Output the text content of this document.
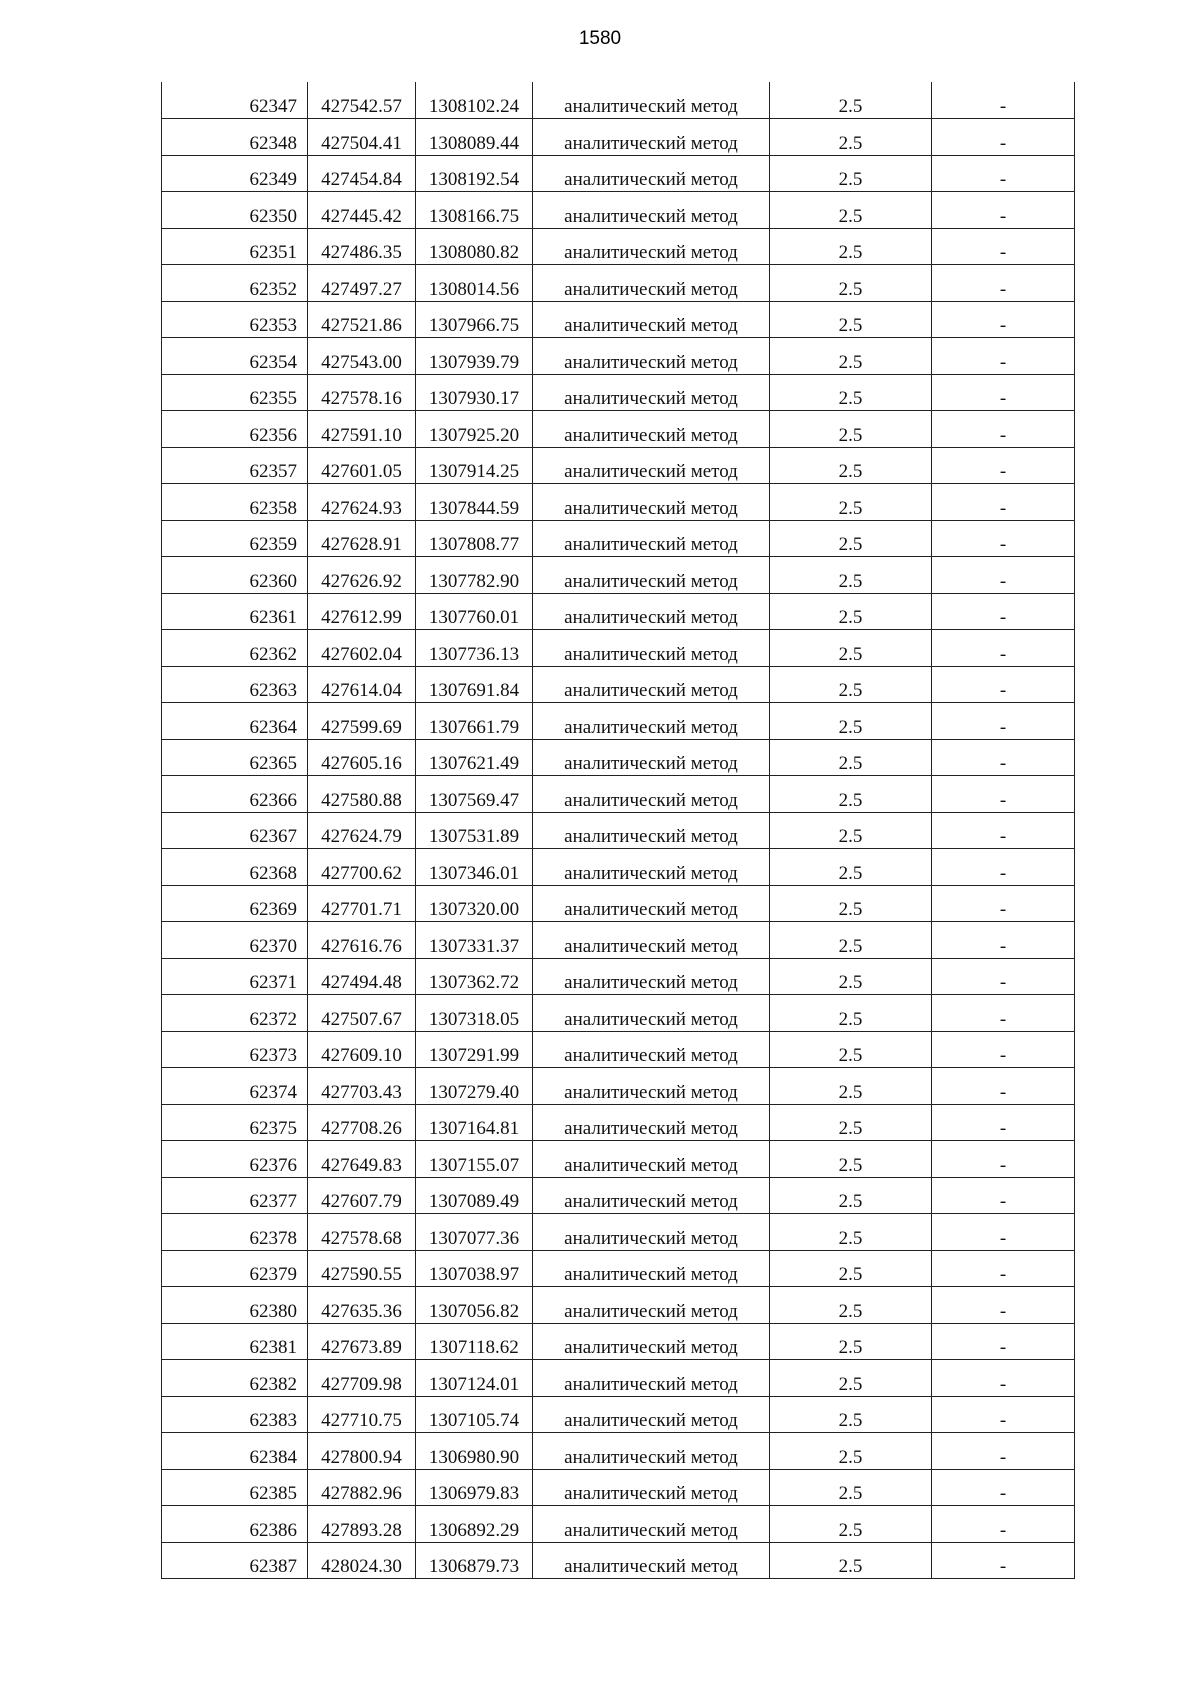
1580
62347	427542.57	1308102.24	аналитический метод	2.5	-
62348	427504.41	1308089.44	аналитический метод	2.5	-
62349	427454.84	1308192.54	аналитический метод	2.5	-
62350	427445.42	1308166.75	аналитический метод	2.5	-
62351	427486.35	1308080.82	аналитический метод	2.5	-
62352	427497.27	1308014.56	аналитический метод	2.5	-
62353	427521.86	1307966.75	аналитический метод	2.5	-
62354	427543.00	1307939.79	аналитический метод	2.5	-
62355	427578.16	1307930.17	аналитический метод	2.5	-
62356	427591.10	1307925.20	аналитический метод	2.5	-
62357	427601.05	1307914.25	аналитический метод	2.5	-
62358	427624.93	1307844.59	аналитический метод	2.5	-
62359	427628.91	1307808.77	аналитический метод	2.5	-
62360	427626.92	1307782.90	аналитический метод	2.5	-
62361	427612.99	1307760.01	аналитический метод	2.5	-
62362	427602.04	1307736.13	аналитический метод	2.5	-
62363	427614.04	1307691.84	аналитический метод	2.5	-
62364	427599.69	1307661.79	аналитический метод	2.5	-
62365	427605.16	1307621.49	аналитический метод	2.5	-
62366	427580.88	1307569.47	аналитический метод	2.5	-
62367	427624.79	1307531.89	аналитический метод	2.5	-
62368	427700.62	1307346.01	аналитический метод	2.5	-
62369	427701.71	1307320.00	аналитический метод	2.5	-
62370	427616.76	1307331.37	аналитический метод	2.5	-
62371	427494.48	1307362.72	аналитический метод	2.5	-
62372	427507.67	1307318.05	аналитический метод	2.5	-
62373	427609.10	1307291.99	аналитический метод	2.5	-
62374	427703.43	1307279.40	аналитический метод	2.5	-
62375	427708.26	1307164.81	аналитический метод	2.5	-
62376	427649.83	1307155.07	аналитический метод	2.5	-
62377	427607.79	1307089.49	аналитический метод	2.5	-
62378	427578.68	1307077.36	аналитический метод	2.5	-
62379	427590.55	1307038.97	аналитический метод	2.5	-
62380	427635.36	1307056.82	аналитический метод	2.5	-
62381	427673.89	1307118.62	аналитический метод	2.5	-
62382	427709.98	1307124.01	аналитический метод	2.5	-
62383	427710.75	1307105.74	аналитический метод	2.5	-
62384	427800.94	1306980.90	аналитический метод	2.5	-
62385	427882.96	1306979.83	аналитический метод	2.5	-
62386	427893.28	1306892.29	аналитический метод	2.5	-
62387	428024.30	1306879.73	аналитический метод	2.5	-
